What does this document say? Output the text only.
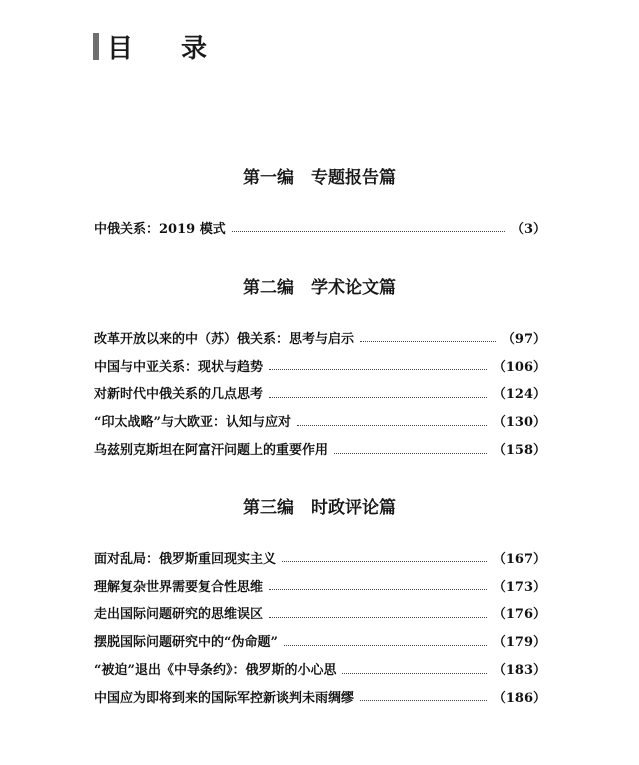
目录
第一编　专题报告篇
中俄关系：2019 模式	（3）
第二编　学术论文篇
改革开放以来的中（苏）俄关系：思考与启示	（97）
中国与中亚关系：现状与趋势	（106）
对新时代中俄关系的几点思考	（124）
“印太战略”与大欧亚：认知与应对	（130）
乌兹别克斯坦在阿富汗问题上的重要作用	（158）
第三编　时政评论篇
面对乱局：俄罗斯重回现实主义	（167）
理解复杂世界需要复合性思维	（173）
走出国际问题研究的思维误区	（176）
摆脱国际问题研究中的“伪命题”	（179）
“被迫”退出《中导条约》：俄罗斯的小心思	（183）
中国应为即将到来的国际军控新谈判未雨绸缪	（186）
